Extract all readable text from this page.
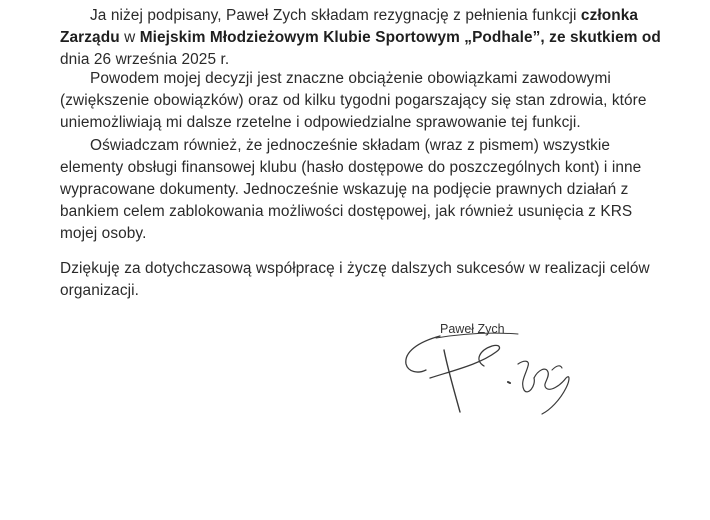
Ja niżej podpisany, Paweł Zych składam rezygnację z pełnienia funkcji członka
Zarządu w Miejskim Młodzieżowym Klubie Sportowym „Podhale”, ze skutkiem od
dnia 26 września 2025 r.

Powodem mojej decyzji jest znaczne obciążenie obowiązkami zawodowymi
(zwiększenie obowiązków) oraz od kilku tygodni pogarszający się stan zdrowia, które
uniemożliwiają mi dalsze rzetelne i odpowiedzialne sprawowanie tej funkcji.

Oświadczam również, że jednocześnie składam (wraz z pismem) wszystkie
elementy obsługi finansowej klubu (hasło dostępowe do poszczególnych kont) i inne
wypracowane dokumenty. Jednocześnie wskazuję na podjęcie prawnych działań z
bankiem celem zablokowania możliwości dostępowej, jak również usunięcia z KRS
mojej osoby.

Dziękuję za dotychczasową współpracę i życzę dalszych sukcesów w realizacji celów
organizacji.

Paweł Zych
